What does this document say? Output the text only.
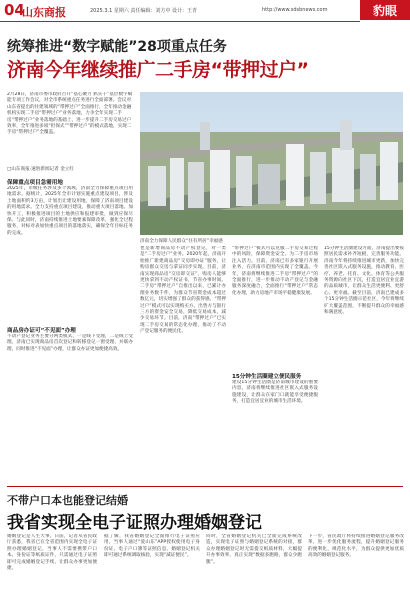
04
山东商报	2025.3.1 星期六 责任编辑：刘方中 设计：王青	http://www.sdsbnews.com	豹眼
统筹推进“数字赋能”28项重点任务
济南今年继续推广二手房“带押过户”
2月28日，济南市委市政府召开“基心聚力 抓实干”基层数字赋能专项工作会议，对全市系统重点任务进行全面部署。会议对山东省提出的住建领域的“带押过户”全面推行，全年推动金融机构实现二手房“带押过户”业务落地，力争全年实现二手房“带押过户”业务落地的基础上，进一步提升二手房交易过户效率，全年推进多项“担保式”“带押过户”的模式落地，实现二手房“带押过户”全覆盖。
□山东商报·速豹新闻记者 金立红
济南全力保障人民群众“住有所居”幸福感
保障重点项目急需用地
2025年，市级任务涉及多个领域，济南全力保障重点项目用地需求。据统计，2025年全市计划实施重点建设项目，涉及土地面积约3万亩，计划出让建设用地，保障了济南项目建设的用地需求。全力支持重点项目建设，推动重大项目落地、加快开工，积极推进项目的土地供应和报建审批，做到应保尽保。与此同时，济南持续推进土地要素保障改革，强化全过程服务，对标对表加快重点项目的落地落实，确保全年目标任务的完成。
商品房办证可“不见面”办理
不动产登记业务主要分两类模式，一是线下受理，二是线上受理。济南已实现商品房首次登记和转移登记一窗受理、并联办理，同时推进“不见面”办理，让群众办证更加便捷高效。
也是新增商品房不动产权登记，对一类是“二手房过户”业务。2020年起，济南开始推广新建商品房“交房即办证”服务，让购房群众交房与拿证同步实现。目前，济南实现商品房“交房即交证”，购房人能够更快拿到不动产权证书，节省办事时间。二手房“带押过户”自推出以来，已累计办理业务数千件，为群众节省资金成本超过数亿元，切实增强了群众的获得感。“带押过户”模式可以实现购买方、出售方与银行三方的资金安全交易，降低交易成本，减少交易环节。目前，济南“带押过户”已实现二手房交易的常态化办理，推动了不动产登记服务的便民化。
“带押过户”模式可以克服二手房交易过程中的风险，保障资金安全，为二手房市场注入活力。目前，济南已有多家银行开展业务，在济南市范围内实现了全覆盖。今年，济南将继续推进二手房“带押过户”的全面推行，进一步推动不动产登记与金融服务深度融合，全面推行“带押过户”常态化办理，助力房地产市场平稳健康发展。
15分钟生活圈建立便民服务
建设15分钟生活圈是济南城市建设的重要内容，济南将继续推进社区嵌入式服务设施建设，让群众在家门口就能享受便捷服务，打造宜居宜业的城市生活环境。
15分钟生活圈建设方面，济南提出要按照居民需求补齐短板，完善服务功能。济南今年将持续推进城市更新，加快完善社区嵌入式服务设施，推动教育、医疗、养老、托育、文化、体育等公共服务资源向社区下沉，打造宜居宜业宜游的品质城市，让群众生活更便利、更舒心、更幸福。截至目前，济南已建成多个15分钟生活圈示范社区，今年将继续扩大覆盖范围，不断提升群众的幸福感和满意度。
不带户口本也能登记结婚
我省实现全电子证照办理婚姻登记
婚姻登记是人生大事。日前，记者从省民政厅获悉，我省已在全省范围内实现全电子证照办理婚姻登记，当事人不需要携带户口本、身份证等纸质证件，只需通过电子证照即可完成婚姻登记手续，让群众办事更加便捷。
据了解，我省婚姻登记全面推行电子证照应用，当事人通过“爱山东”APP授权使用电子身份证、电子户口簿等证照信息，婚姻登记机关即可通过系统调取核验，实现“减证便民”。
同时，全省婚姻登记机关已全面完成系统改造，实现电子证照与婚姻登记系统的对接，群众办理婚姻登记时无需提交纸质材料，大幅提升办事效率，真正实现“数据多跑路，群众少跑腿”。
下一步，省民政厅将持续推进婚姻登记服务改革，进一步优化服务流程，提升婚姻登记服务的便利化、规范化水平，为群众提供更加优质高效的婚姻登记服务。
